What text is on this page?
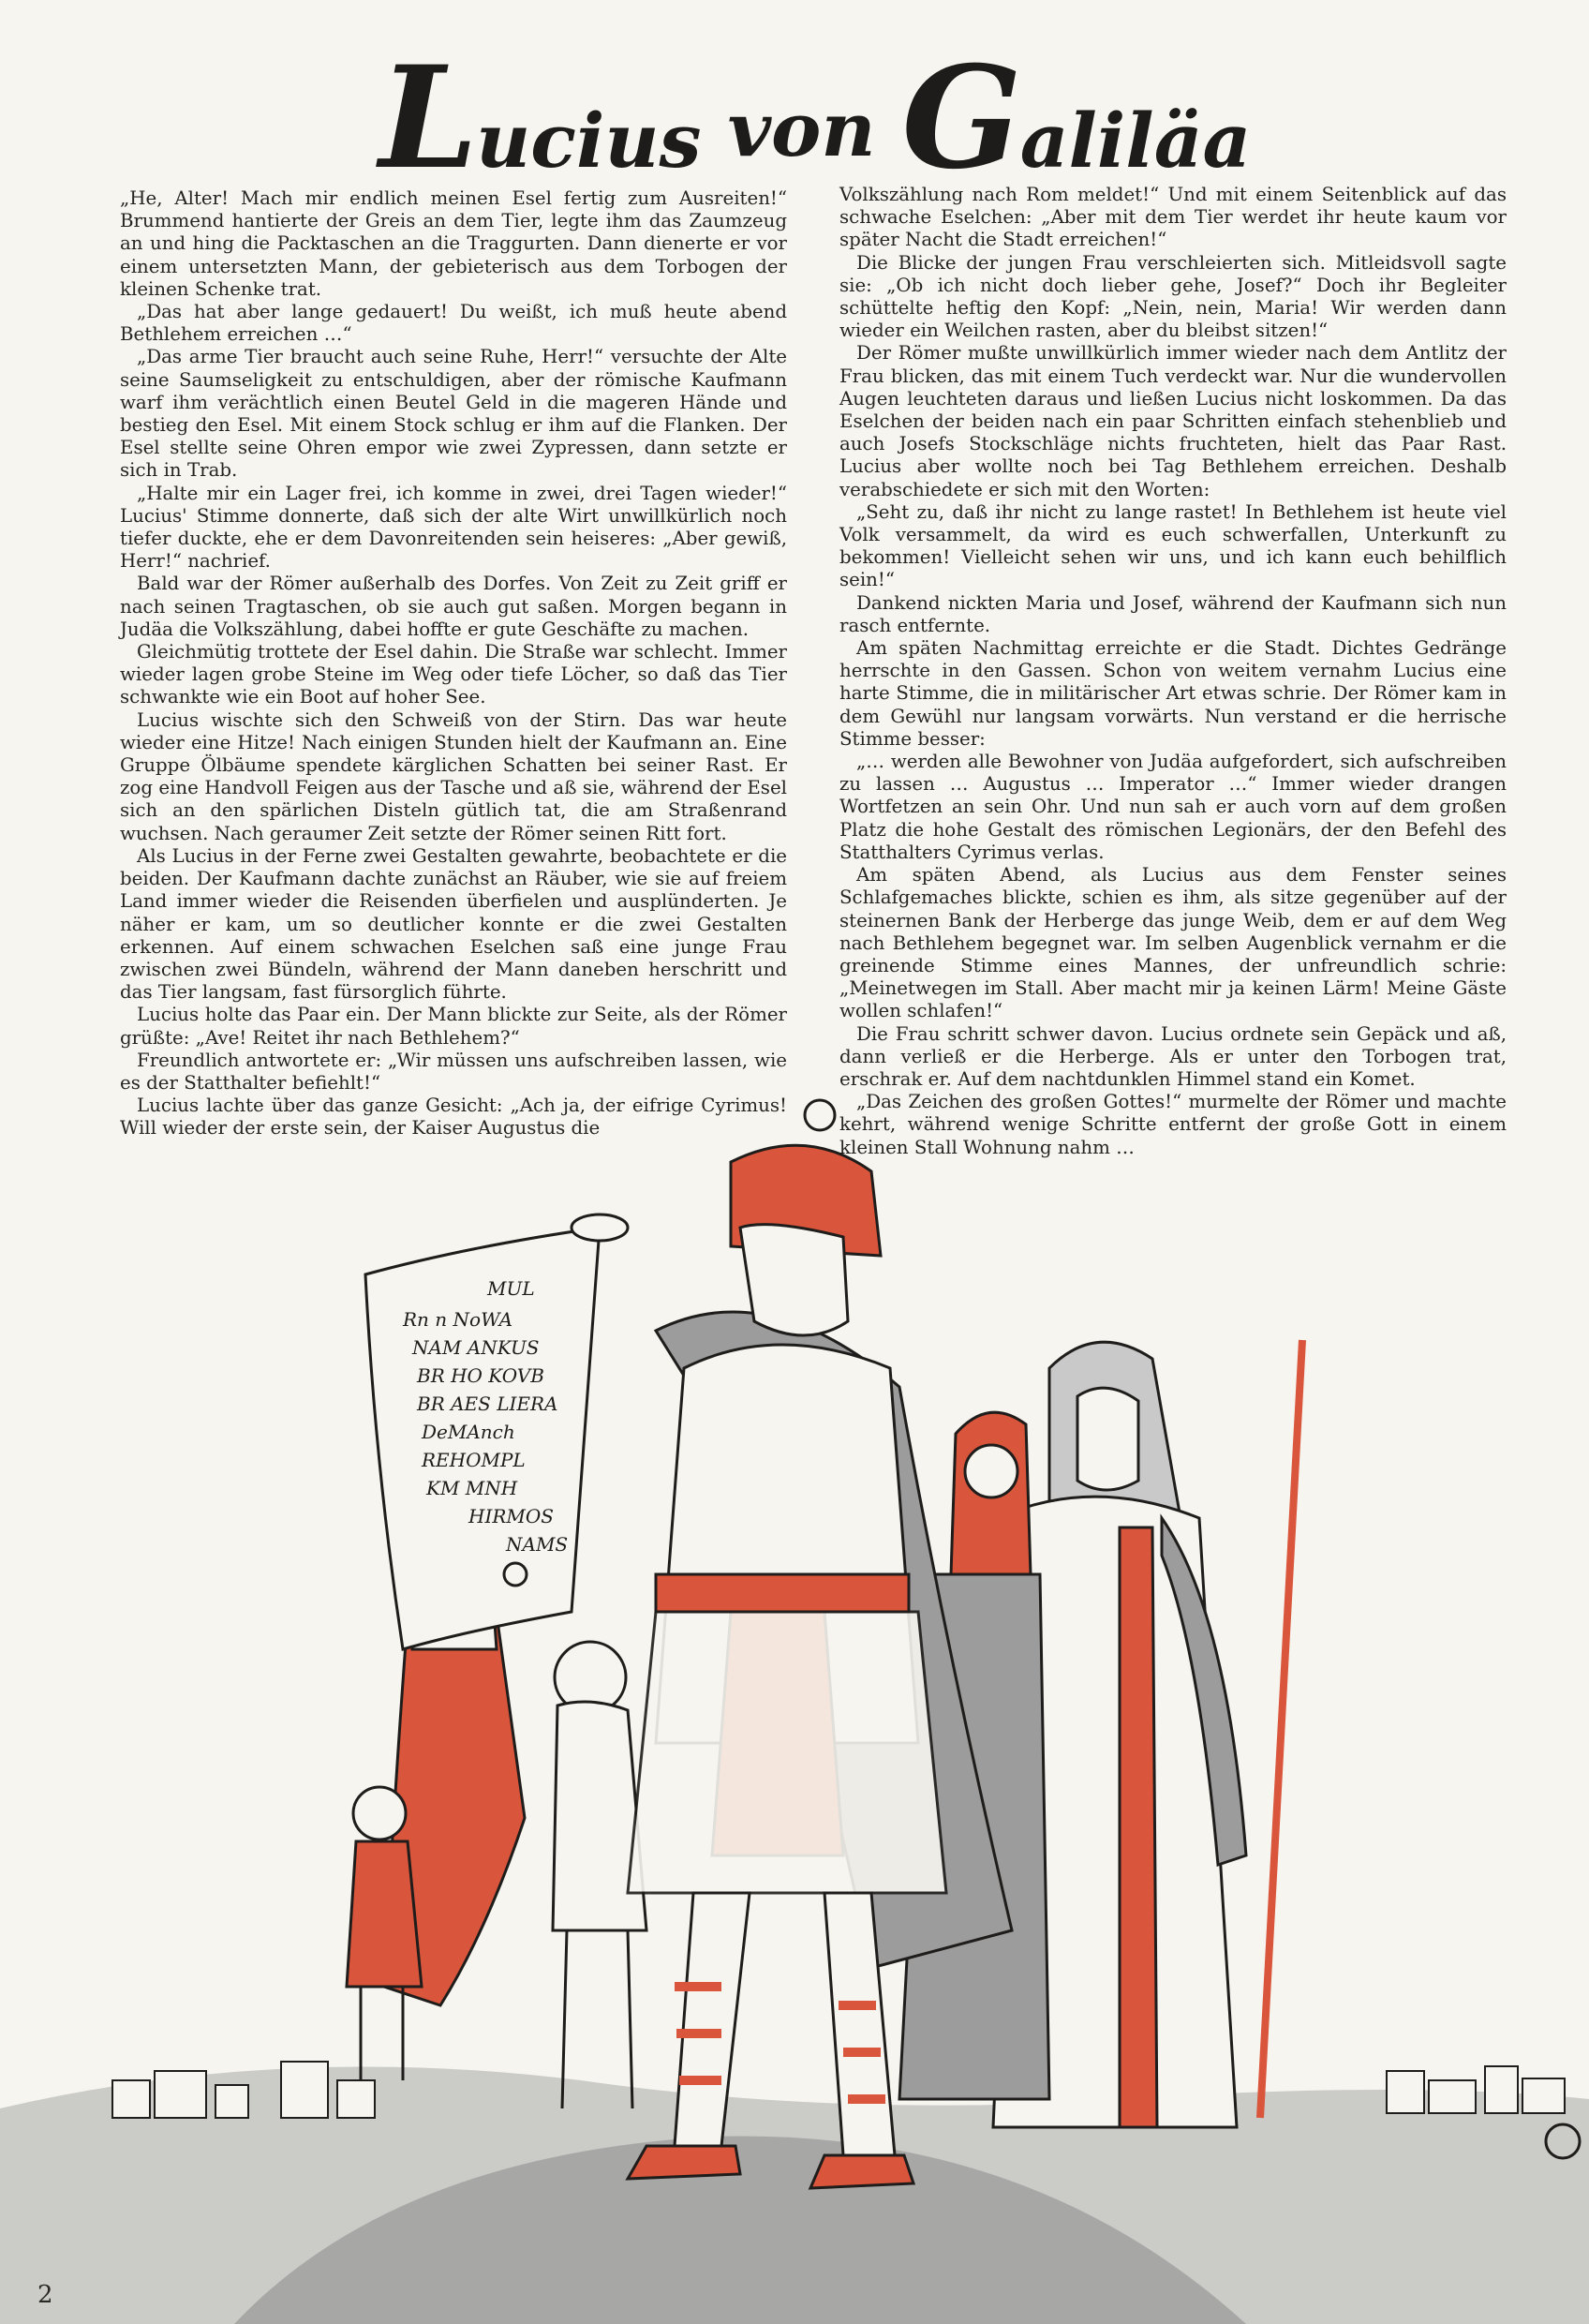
Lucius von Galiläa

„He, Alter! Mach mir endlich meinen Esel fertig zum Ausreiten!“ Brummend hantierte der Greis an dem Tier, legte ihm das Zaumzeug an und hing die Packtaschen an die Traggurten. Dann dienerte er vor einem untersetzten Mann, der gebieterisch aus dem Torbogen der kleinen Schenke trat.

„Das hat aber lange gedauert! Du weißt, ich muß heute abend Bethlehem erreichen …“

„Das arme Tier braucht auch seine Ruhe, Herr!“ versuchte der Alte seine Saumseligkeit zu entschuldigen, aber der römische Kaufmann warf ihm verächtlich einen Beutel Geld in die mageren Hände und bestieg den Esel. Mit einem Stock schlug er ihm auf die Flanken. Der Esel stellte seine Ohren empor wie zwei Zypressen, dann setzte er sich in Trab.

„Halte mir ein Lager frei, ich komme in zwei, drei Tagen wieder!“ Lucius' Stimme donnerte, daß sich der alte Wirt unwillkürlich noch tiefer duckte, ehe er dem Davonreitenden sein heiseres: „Aber gewiß, Herr!“ nachrief.

Bald war der Römer außerhalb des Dorfes. Von Zeit zu Zeit griff er nach seinen Tragtaschen, ob sie auch gut saßen. Morgen begann in Judäa die Volkszählung, dabei hoffte er gute Geschäfte zu machen.

Gleichmütig trottete der Esel dahin. Die Straße war schlecht. Immer wieder lagen grobe Steine im Weg oder tiefe Löcher, so daß das Tier schwankte wie ein Boot auf hoher See.

Lucius wischte sich den Schweiß von der Stirn. Das war heute wieder eine Hitze! Nach einigen Stunden hielt der Kaufmann an. Eine Gruppe Ölbäume spendete kärglichen Schatten bei seiner Rast. Er zog eine Handvoll Feigen aus der Tasche und aß sie, während der Esel sich an den spärlichen Disteln gütlich tat, die am Straßenrand wuchsen. Nach geraumer Zeit setzte der Römer seinen Ritt fort.

Als Lucius in der Ferne zwei Gestalten gewahrte, beobachtete er die beiden. Der Kaufmann dachte zunächst an Räuber, wie sie auf freiem Land immer wieder die Reisenden überfielen und ausplünderten. Je näher er kam, um so deutlicher konnte er die zwei Gestalten erkennen. Auf einem schwachen Eselchen saß eine junge Frau zwischen zwei Bündeln, während der Mann daneben herschritt und das Tier langsam, fast fürsorglich führte.

Lucius holte das Paar ein. Der Mann blickte zur Seite, als der Römer grüßte: „Ave! Reitet ihr nach Bethlehem?“

Freundlich antwortete er: „Wir müssen uns aufschreiben lassen, wie es der Statthalter befiehlt!“

Lucius lachte über das ganze Gesicht: „Ach ja, der eifrige Cyrimus! Will wieder der erste sein, der Kaiser Augustus die

Volkszählung nach Rom meldet!“ Und mit einem Seitenblick auf das schwache Eselchen: „Aber mit dem Tier werdet ihr heute kaum vor später Nacht die Stadt erreichen!“

Die Blicke der jungen Frau verschleierten sich. Mitleidsvoll sagte sie: „Ob ich nicht doch lieber gehe, Josef?“ Doch ihr Begleiter schüttelte heftig den Kopf: „Nein, nein, Maria! Wir werden dann wieder ein Weilchen rasten, aber du bleibst sitzen!“

Der Römer mußte unwillkürlich immer wieder nach dem Antlitz der Frau blicken, das mit einem Tuch verdeckt war. Nur die wundervollen Augen leuchteten daraus und ließen Lucius nicht loskommen. Da das Eselchen der beiden nach ein paar Schritten einfach stehenblieb und auch Josefs Stockschläge nichts fruchteten, hielt das Paar Rast. Lucius aber wollte noch bei Tag Bethlehem erreichen. Deshalb verabschiedete er sich mit den Worten:

„Seht zu, daß ihr nicht zu lange rastet! In Bethlehem ist heute viel Volk versammelt, da wird es euch schwerfallen, Unterkunft zu bekommen! Vielleicht sehen wir uns, und ich kann euch behilflich sein!“

Dankend nickten Maria und Josef, während der Kaufmann sich nun rasch entfernte.

Am späten Nachmittag erreichte er die Stadt. Dichtes Gedränge herrschte in den Gassen. Schon von weitem vernahm Lucius eine harte Stimme, die in militärischer Art etwas schrie. Der Römer kam in dem Gewühl nur langsam vorwärts. Nun verstand er die herrische Stimme besser:

„… werden alle Bewohner von Judäa aufgefordert, sich aufschreiben zu lassen … Augustus … Imperator …“ Immer wieder drangen Wortfetzen an sein Ohr. Und nun sah er auch vorn auf dem großen Platz die hohe Gestalt des römischen Legionärs, der den Befehl des Statthalters Cyrimus verlas.

Am späten Abend, als Lucius aus dem Fenster seines Schlafgemaches blickte, schien es ihm, als sitze gegenüber auf der steinernen Bank der Herberge das junge Weib, dem er auf dem Weg nach Bethlehem begegnet war. Im selben Augenblick vernahm er die greinende Stimme eines Mannes, der unfreundlich schrie: „Meinetwegen im Stall. Aber macht mir ja keinen Lärm! Meine Gäste wollen schlafen!“

Die Frau schritt schwer davon. Lucius ordnete sein Gepäck und aß, dann verließ er die Herberge. Als er unter den Torbogen trat, erschrak er. Auf dem nachtdunklen Himmel stand ein Komet.

„Das Zeichen des großen Gottes!“ murmelte der Römer und machte kehrt, während wenige Schritte entfernt der große Gott in einem kleinen Stall Wohnung nahm …

MUL
Rn n NoWA
NAM ANKUS
BR HO KOVB
BR AES LIERA
DeMAnch
REHOMPL
KM MNH
HIRMOS
NAMS
2
